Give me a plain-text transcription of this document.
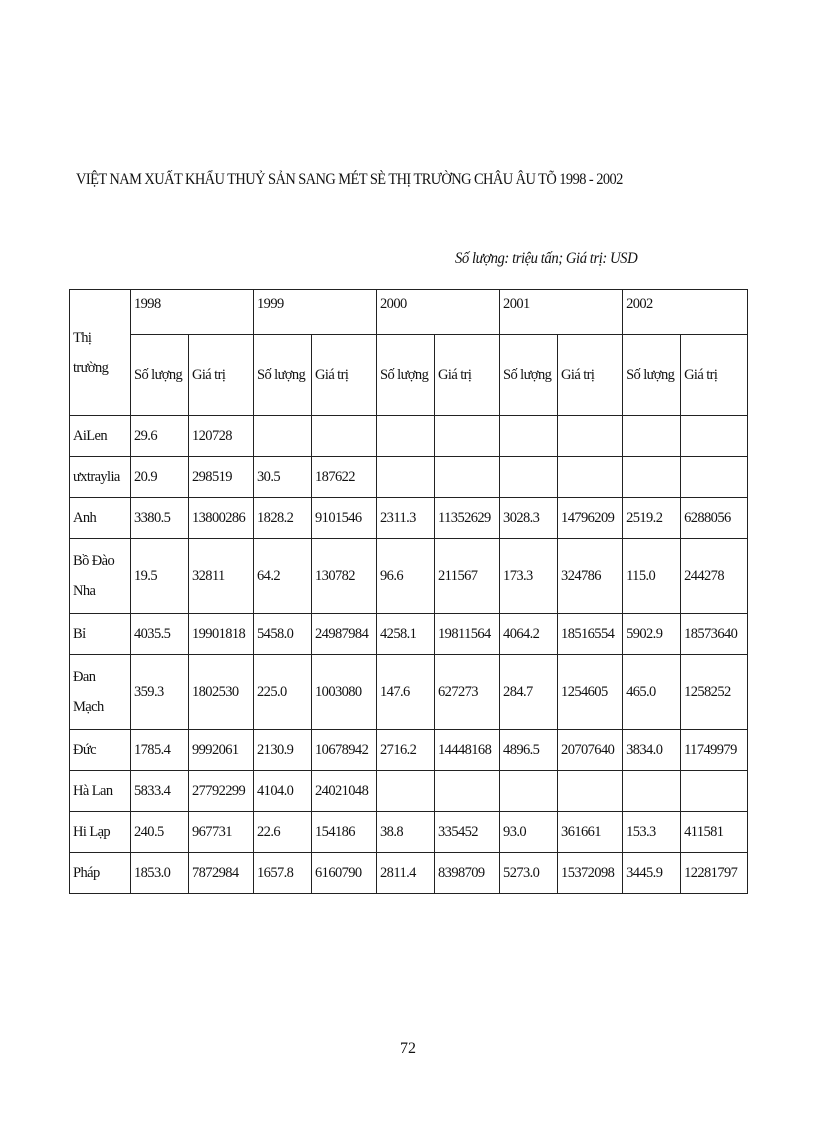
VIỆT NAM XUẤT KHẨU THUỶ SẢN SANG MÉT SÈ THỊ TRƯỜNG CHÂU ÂU TÕ 1998 - 2002
Số lượng: triệu tấn; Giá trị: USD
Thị trường	1998		1999		2000		2001		2002	
	Số lượng	Giá trị	Số lượng	Giá trị	Số lượng	Giá trị	Số lượng	Giá trị	Số lượng	Giá trị
AiLen	29.6	120728								
ưxtraylia	20.9	298519	30.5	187622						
Anh	3380.5	13800286	1828.2	9101546	2311.3	11352629	3028.3	14796209	2519.2	6288056
Bồ Đào Nha	19.5	32811	64.2	130782	96.6	211567	173.3	324786	115.0	244278
Bỉ	4035.5	19901818	5458.0	24987984	4258.1	19811564	4064.2	18516554	5902.9	18573640
Đan Mạch	359.3	1802530	225.0	1003080	147.6	627273	284.7	1254605	465.0	1258252
Đức	1785.4	9992061	2130.9	10678942	2716.2	14448168	4896.5	20707640	3834.0	11749979
Hà Lan	5833.4	27792299	4104.0	24021048						
Hi Lạp	240.5	967731	22.6	154186	38.8	335452	93.0	361661	153.3	411581
Pháp	1853.0	7872984	1657.8	6160790	2811.4	8398709	5273.0	15372098	3445.9	12281797
72
